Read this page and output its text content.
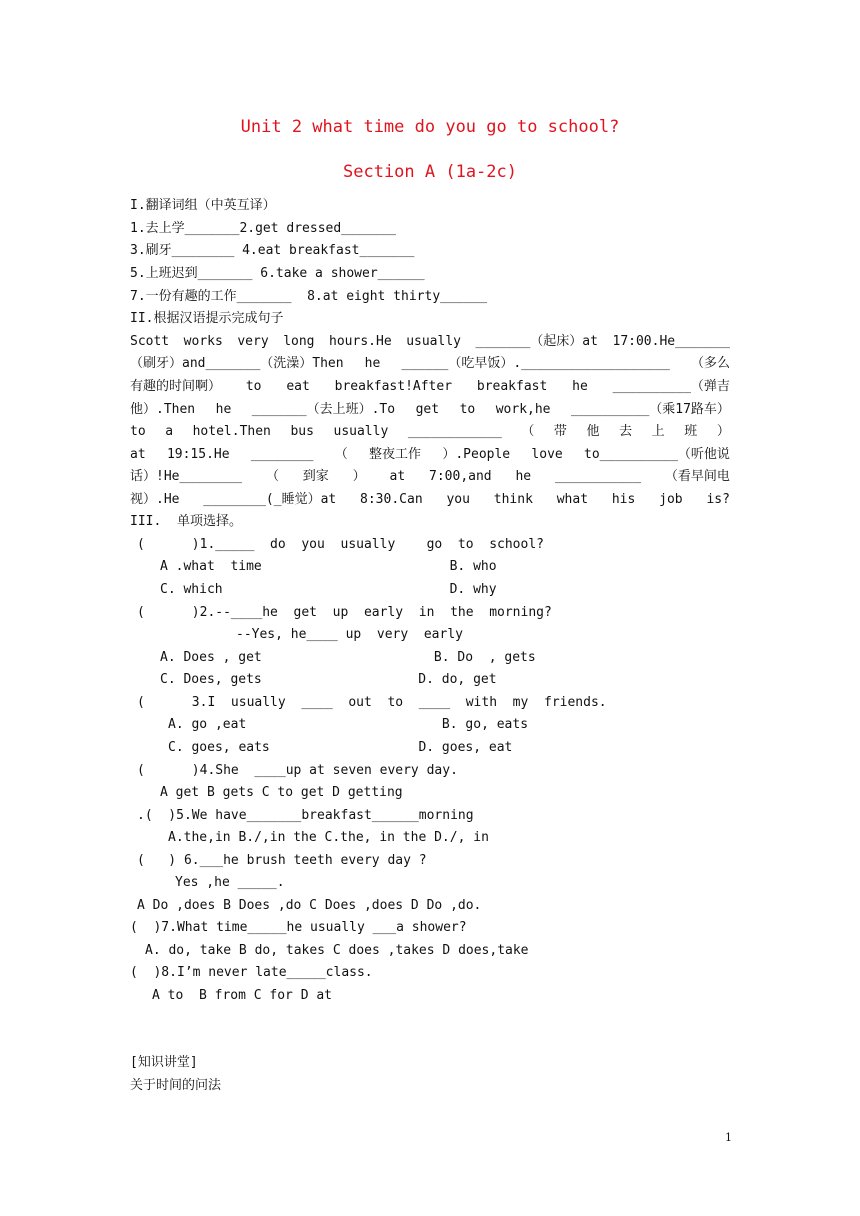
Unit 2 what time do you go to school?
Section A (1a-2c)
I.翻译词组（中英互译）
1.去上学_______2.get dressed_______
3.刷牙________ 4.eat breakfast_______
5.上班迟到_______ 6.take a shower______
7.一份有趣的工作_______  8.at eight thirty______
II.根据汉语提示完成句子
Scott works very long hours.He usually _______（起床）at 17:00.He_______
（刷牙）and_______（洗澡）Then he ______（吃早饭）.___________________ （多么
有趣的时间啊） to eat breakfast!After breakfast he __________（弹吉
他）.Then he _______（去上班）.To get to work,he __________（乘17路车）
to a hotel.Then bus usually ____________ （ 带 他 去 上 班 ）
at 19:15.He ________ （ 整夜工作 ）.People love to__________（听他说
话）!He________ （ 到家 ） at 7:00,and he ___________ （看早间电
视）.He ________(_睡觉）at 8:30.Can you think what his job is?
III.  单项选择。
(      )1._____  do  you  usually    go  to  school?
A .what  time                        B. who
C. which                             D. why
(      )2.--____he  get  up  early  in  the  morning?
--Yes, he____ up  very  early
A. Does , get                      B. Do  , gets
C. Does, gets                    D. do, get
(      3.I  usually  ____  out  to  ____  with  my  friends.
A. go ,eat                         B. go, eats
C. goes, eats                   D. goes, eat
(      )4.She  ____up at seven every day.
A get B gets C to get D getting
.(  )5.We have_______breakfast______morning
A.the,in B./,in the C.the, in the D./, in
(   ) 6.___he brush teeth every day ?
Yes ,he _____.
A Do ,does B Does ,do C Does ,does D Do ,do.
(  )7.What time_____he usually ___a shower?
A. do, take B do, takes C does ,takes D does,take
(  )8.I’m never late_____class.
A to  B from C for D at
[知识讲堂]
关于时间的问法
1
